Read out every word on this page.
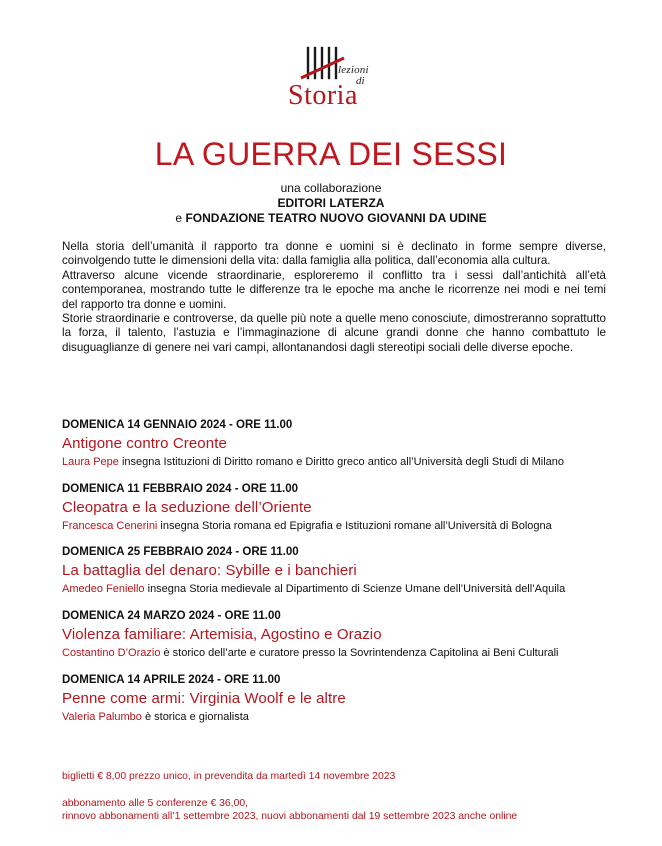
lezioni
di
Storia
LA GUERRA DEI SESSI
una collaborazione
EDITORI LATERZA
e FONDAZIONE TEATRO NUOVO GIOVANNI DA UDINE

Nella storia dell’umanità il rapporto tra donne e uomini si è declinato in forme sempre diverse, coinvolgendo tutte le dimensioni della vita: dalla famiglia alla politica, dall’economia alla cultura.

Attraverso alcune vicende straordinarie, esploreremo il conflitto tra i sessi dall’antichità all’età contemporanea, mostrando tutte le differenze tra le epoche ma anche le ricorrenze nei modi e nei temi del rapporto tra donne e uomini.

Storie straordinarie e controverse, da quelle più note a quelle meno conosciute, dimostreranno soprattutto la forza, il talento, l’astuzia e l’immaginazione di alcune grandi donne che hanno combattuto le disuguaglianze di genere nei vari campi, allontanandosi dagli stereotipi sociali delle diverse epoche.

DOMENICA 14 GENNAIO 2024 - ORE 11.00
Antigone contro Creonte
Laura Pepe insegna Istituzioni di Diritto romano e Diritto greco antico all’Università degli Studi di Milano
DOMENICA 11 FEBBRAIO 2024 - ORE 11.00
Cleopatra e la seduzione dell’Oriente
Francesca Cenerini insegna Storia romana ed Epigrafia e Istituzioni romane all’Università di Bologna
DOMENICA 25 FEBBRAIO 2024 - ORE 11.00
La battaglia del denaro: Sybille e i banchieri
Amedeo Feniello insegna Storia medievale al Dipartimento di Scienze Umane dell’Università dell’Aquila
DOMENICA 24 MARZO 2024 - ORE 11.00
Violenza familiare: Artemisia, Agostino e Orazio
Costantino D’Orazio è storico dell’arte e curatore presso la Sovrintendenza Capitolina ai Beni Culturali
DOMENICA 14 APRILE 2024 - ORE 11.00
Penne come armi: Virginia Woolf e le altre
Valeria Palumbo è storica e giornalista
biglietti € 8,00 prezzo unico, in prevendita da martedì 14 novembre 2023
abbonamento alle 5 conferenze € 36,00,
rinnovo abbonamenti all’1 settembre 2023, nuovi abbonamenti dal 19 settembre 2023 anche online
